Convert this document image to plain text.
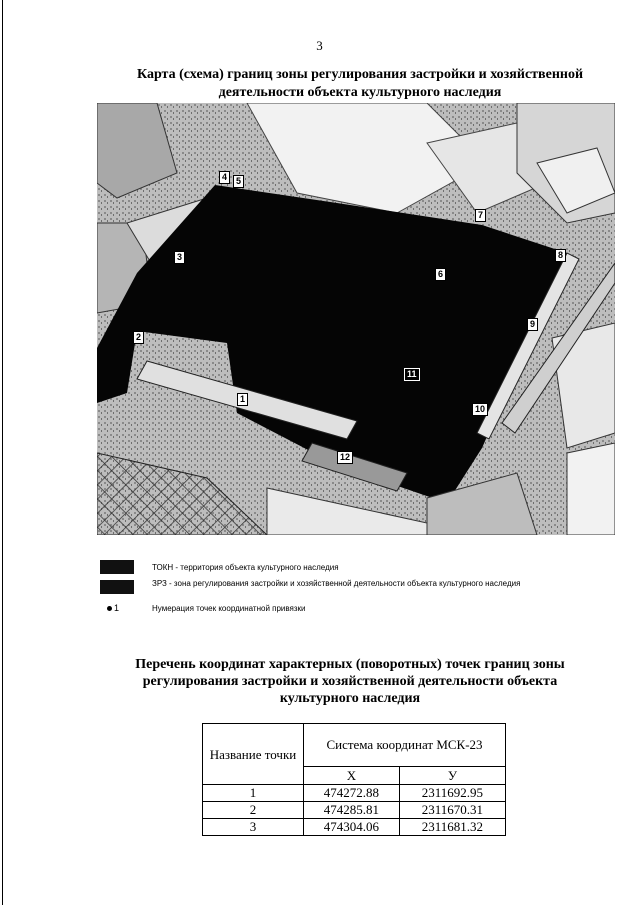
3
Карта (схема) границ зоны регулирования застройки и хозяйственной
деятельности объекта культурного наследия
1
2
3
4 5
6
7
8
9
10
11
12
ТОКН - территория объекта культурного наследия
ЗРЗ - зона регулирования застройки и хозяйственной деятельности объекта культурного наследия
1	Нумерация точек координатной привязки
Перечень координат характерных (поворотных) точек границ зоны
регулирования застройки и хозяйственной деятельности объекта
культурного наследия
Название точки	Система координат МСК-23	
	X	У
1	474272.88	2311692.95
2	474285.81	2311670.31
3	474304.06	2311681.32
